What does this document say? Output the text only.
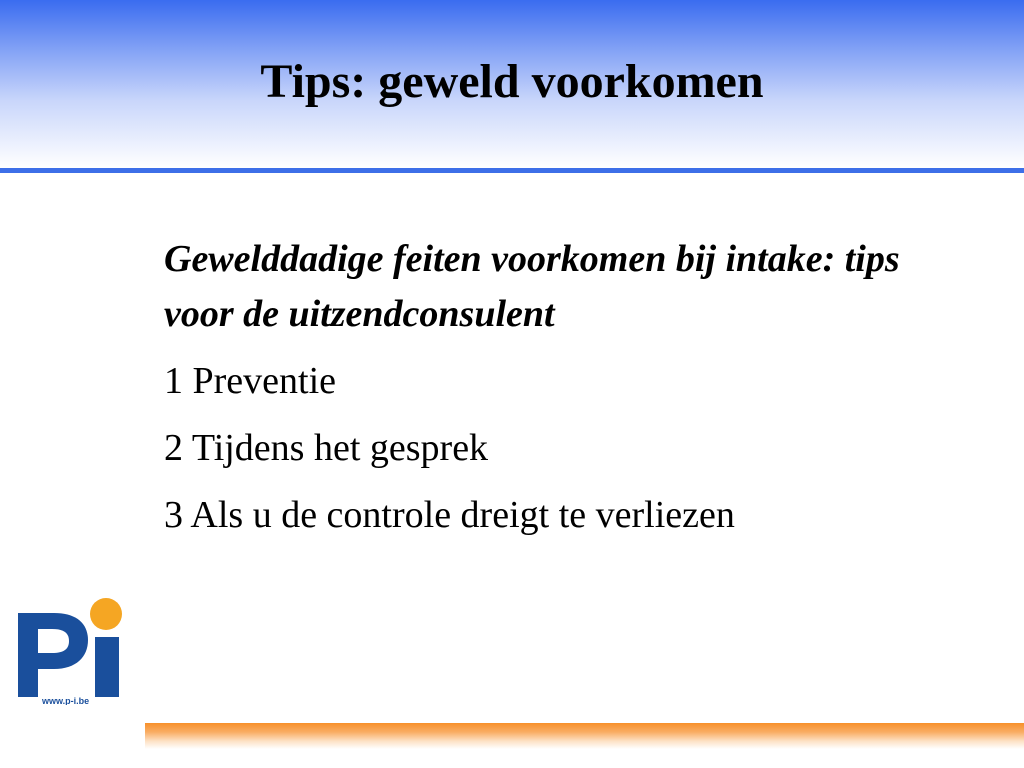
Tips: geweld voorkomen

Gewelddadige feiten voorkomen bij intake: tips voor de uitzendconsulent

1 Preventie

2 Tijdens het gesprek

3 Als u de controle dreigt te verliezen

www.p-i.be
